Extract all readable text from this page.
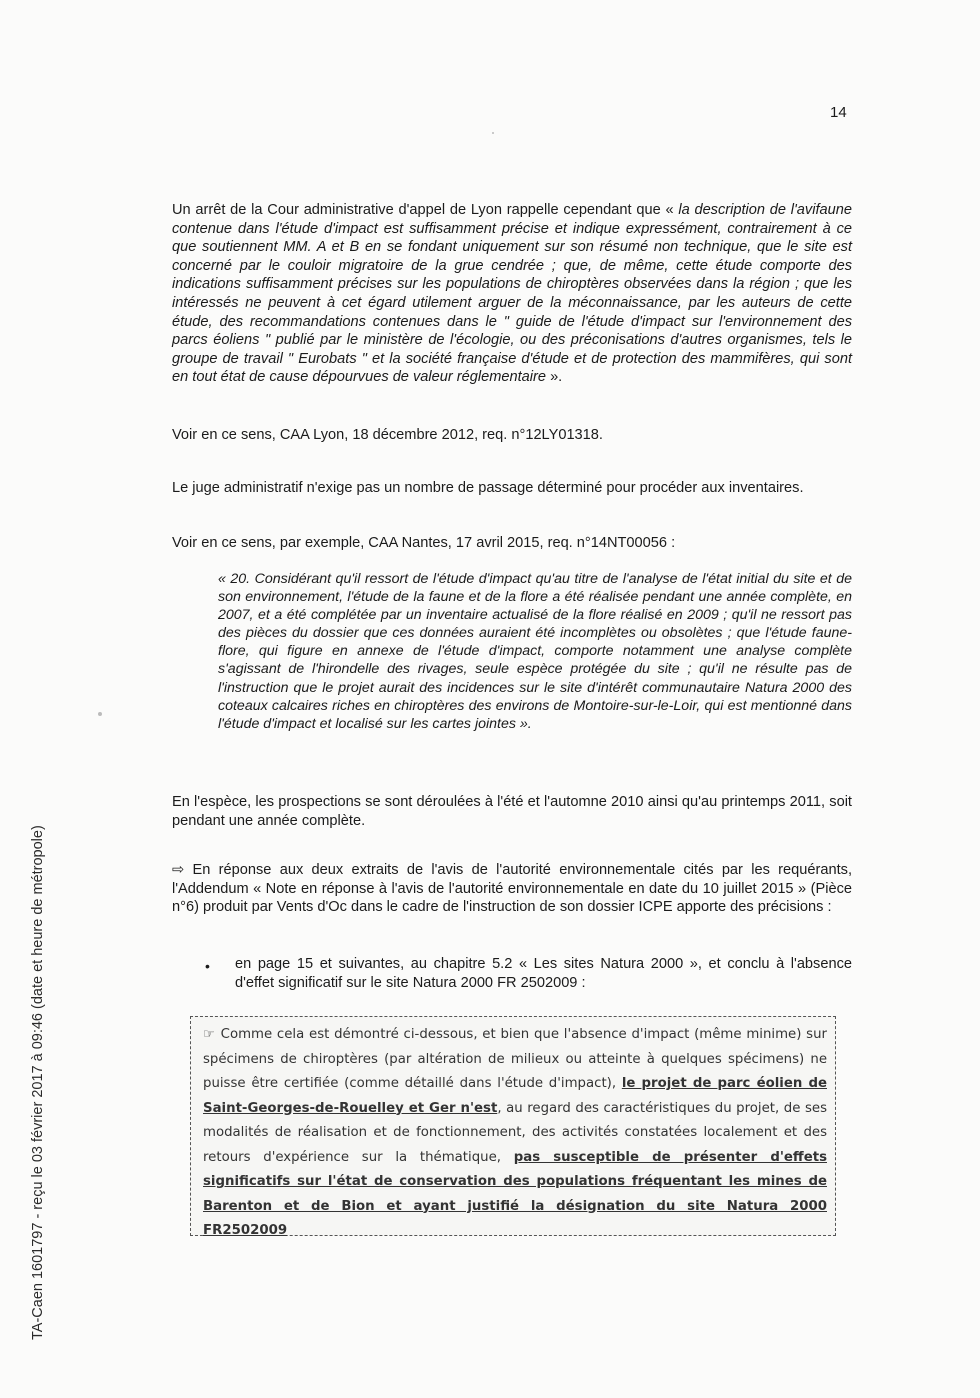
14
Un arrêt de la Cour administrative d'appel de Lyon rappelle cependant que « la description de l'avifaune contenue dans l'étude d'impact est suffisamment précise et indique expressément, contrairement à ce que soutiennent MM. A et B en se fondant uniquement sur son résumé non technique, que le site est concerné par le couloir migratoire de la grue cendrée ; que, de même, cette étude comporte des indications suffisamment précises sur les populations de chiroptères observées dans la région ; que les intéressés ne peuvent à cet égard utilement arguer de la méconnaissance, par les auteurs de cette étude, des recommandations contenues dans le " guide de l'étude d'impact sur l'environnement des parcs éoliens " publié par le ministère de l'écologie, ou des préconisations d'autres organismes, tels le groupe de travail " Eurobats " et la société française d'étude et de protection des mammifères, qui sont en tout état de cause dépourvues de valeur réglementaire ».
Voir en ce sens, CAA Lyon, 18 décembre 2012, req. n°12LY01318.
Le juge administratif n'exige pas un nombre de passage déterminé pour procéder aux inventaires.
Voir en ce sens, par exemple, CAA Nantes, 17 avril 2015, req. n°14NT00056 :
« 20. Considérant qu'il ressort de l'étude d'impact qu'au titre de l'analyse de l'état initial du site et de son environnement, l'étude de la faune et de la flore a été réalisée pendant une année complète, en 2007, et a été complétée par un inventaire actualisé de la flore réalisé en 2009 ; qu'il ne ressort pas des pièces du dossier que ces données auraient été incomplètes ou obsolètes ; que l'étude faune-flore, qui figure en annexe de l'étude d'impact, comporte notamment une analyse complète s'agissant de l'hirondelle des rivages, seule espèce protégée du site ; qu'il ne résulte pas de l'instruction que le projet aurait des incidences sur le site d'intérêt communautaire Natura 2000 des coteaux calcaires riches en chiroptères des environs de Montoire-sur-le-Loir, qui est mentionné dans l'étude d'impact et localisé sur les cartes jointes ».
En l'espèce, les prospections se sont déroulées à l'été et l'automne 2010 ainsi qu'au printemps 2011, soit pendant une année complète.
⇨ En réponse aux deux extraits de l'avis de l'autorité environnementale cités par les requérants, l'Addendum « Note en réponse à l'avis de l'autorité environnementale en date du 10 juillet 2015 » (Pièce n°6) produit par Vents d'Oc dans le cadre de l'instruction de son dossier ICPE apporte des précisions :
• en page 15 et suivantes, au chapitre 5.2 « Les sites Natura 2000 », et conclu à l'absence d'effet significatif sur le site Natura 2000 FR 2502009 :
☞ Comme cela est démontré ci-dessous, et bien que l'absence d'impact (même minime) sur spécimens de chiroptères (par altération de milieux ou atteinte à quelques spécimens) ne puisse être certifiée (comme détaillé dans l'étude d'impact), le projet de parc éolien de Saint-Georges-de-Rouelley et Ger n'est, au regard des caractéristiques du projet, de ses modalités de réalisation et de fonctionnement, des activités constatées localement et des retours d'expérience sur la thématique, pas susceptible de présenter d'effets significatifs sur l'état de conservation des populations fréquentant les mines de Barenton et de Bion et ayant justifié la désignation du site Natura 2000 FR2502009
TA-Caen 1601797 - reçu le 03 février 2017 à 09:46 (date et heure de métropole)
